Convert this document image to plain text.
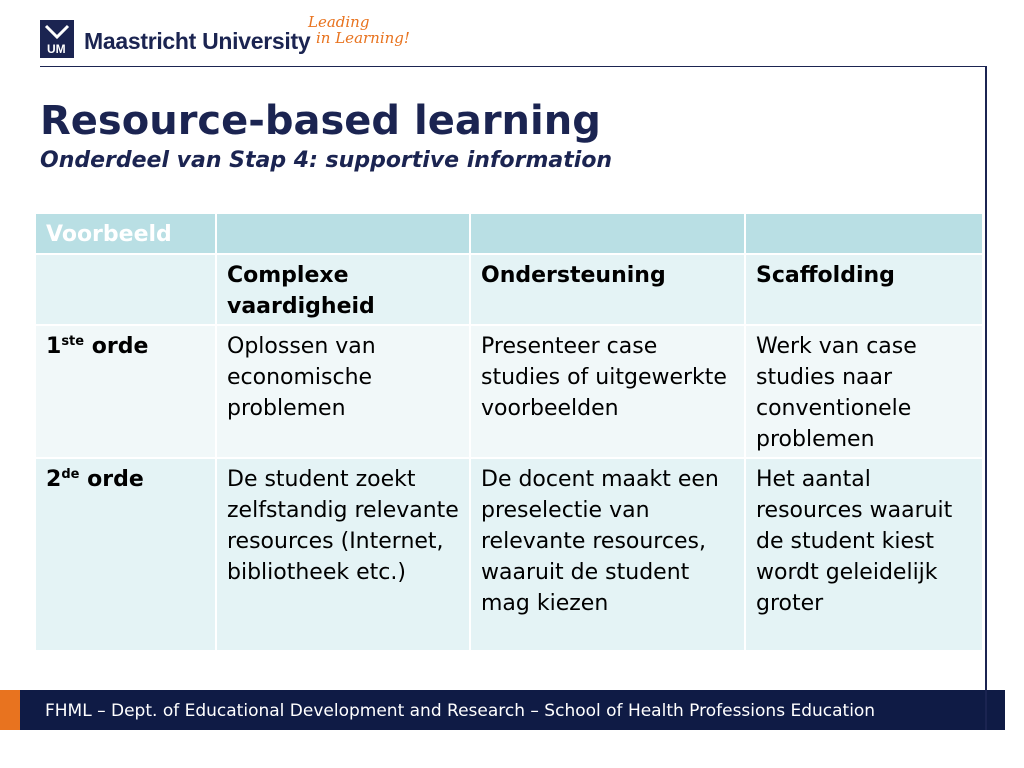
UM Maastricht University
Leading
in Learning!
Resource-based learning
Onderdeel van Stap 4: supportive information
Voorbeeld			
	Complexe vaardigheid	Ondersteuning	Scaffolding
1ste orde	Oplossen van economische problemen	Presenteer case studies of uitgewerkte voorbeelden	Werk van case studies naar conventionele problemen
2de orde	De student zoekt zelfstandig relevante resources (Internet, bibliotheek etc.)	De docent maakt een preselectie van relevante resources, waaruit de student mag kiezen	Het aantal resources waaruit de student kiest wordt geleidelijk groter
FHML – Dept. of Educational Development and Research – School of Health Professions Education
